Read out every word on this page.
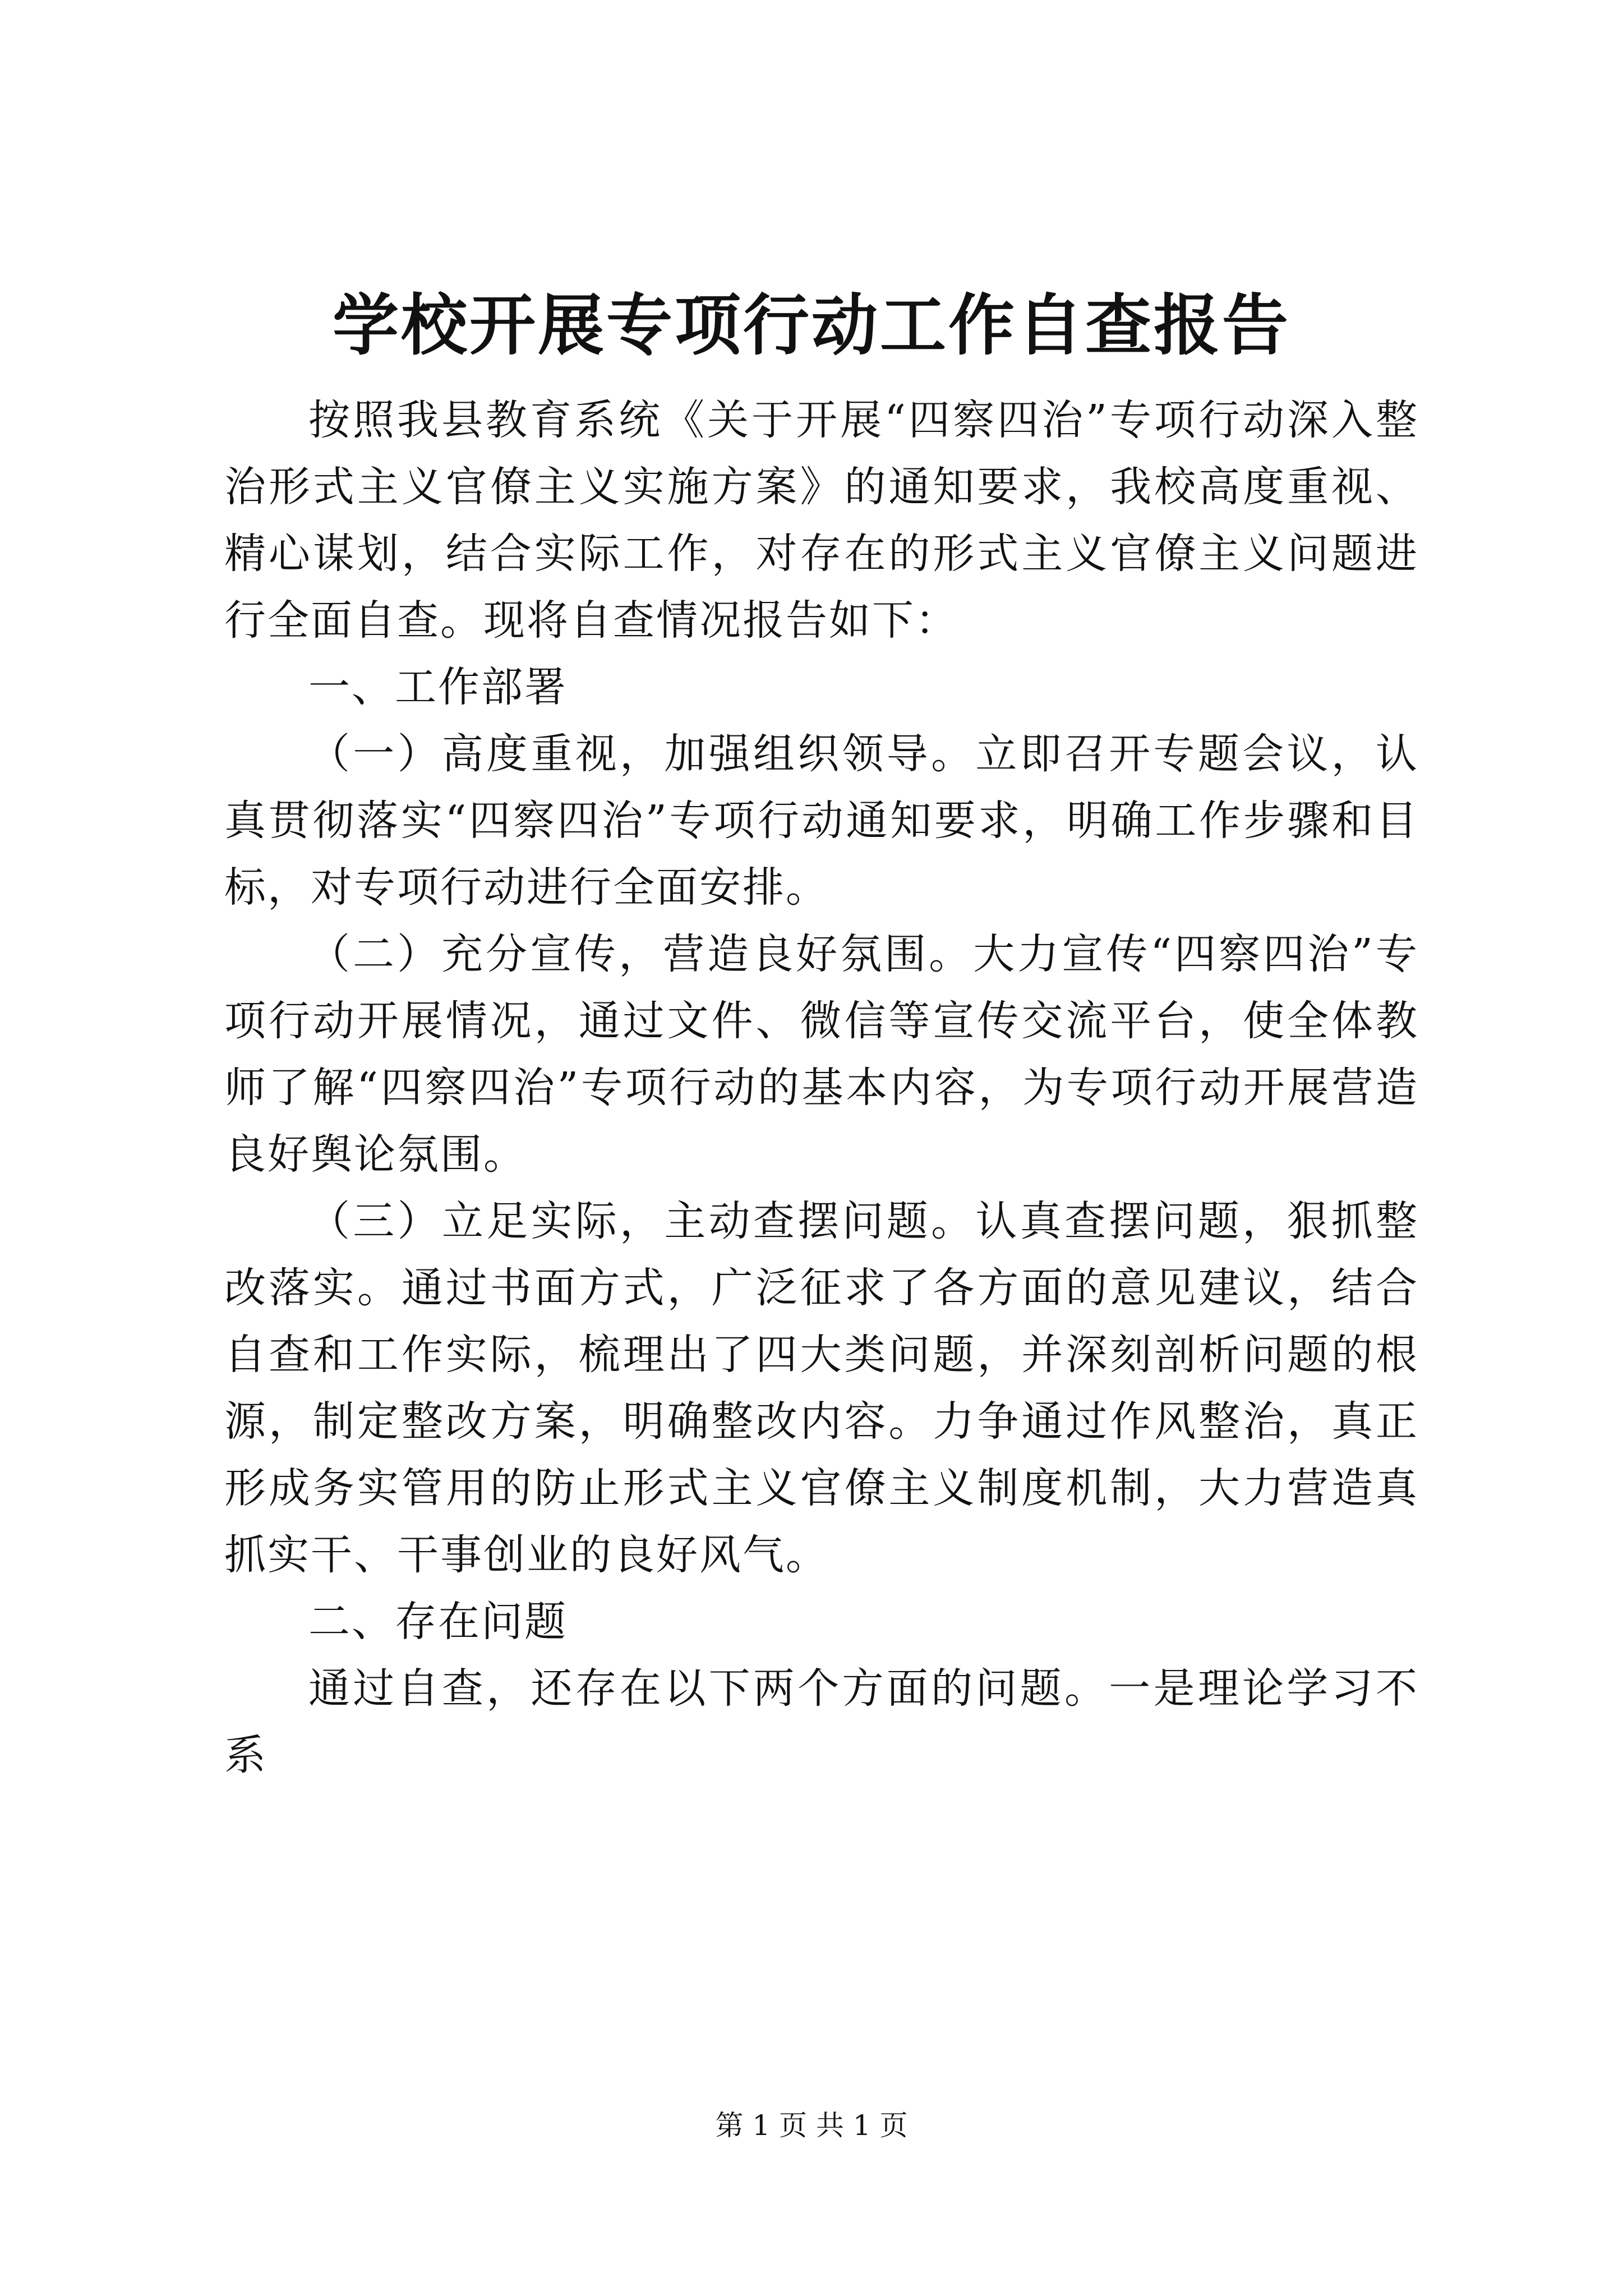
学校开展专项行动工作自查报告

按照我县教育系统《关于开展“四察四治”专项行动深入整治形式主义官僚主义实施方案》的通知要求，我校高度重视、精心谋划，结合实际工作，对存在的形式主义官僚主义问题进行全面自查。现将自查情况报告如下：

一、工作部署

（一）高度重视，加强组织领导。立即召开专题会议，认真贯彻落实“四察四治”专项行动通知要求，明确工作步骤和目标，对专项行动进行全面安排。

（二）充分宣传，营造良好氛围。大力宣传“四察四治”专项行动开展情况，通过文件、微信等宣传交流平台，使全体教师了解“四察四治”专项行动的基本内容，为专项行动开展营造良好舆论氛围。

（三）立足实际，主动查摆问题。认真查摆问题，狠抓整改落实。通过书面方式，广泛征求了各方面的意见建议，结合自查和工作实际，梳理出了四大类问题，并深刻剖析问题的根源，制定整改方案，明确整改内容。力争通过作风整治，真正形成务实管用的防止形式主义官僚主义制度机制，大力营造真抓实干、干事创业的良好风气。

二、存在问题

通过自查，还存在以下两个方面的问题。一是理论学习不系

第 1 页 共 1 页
